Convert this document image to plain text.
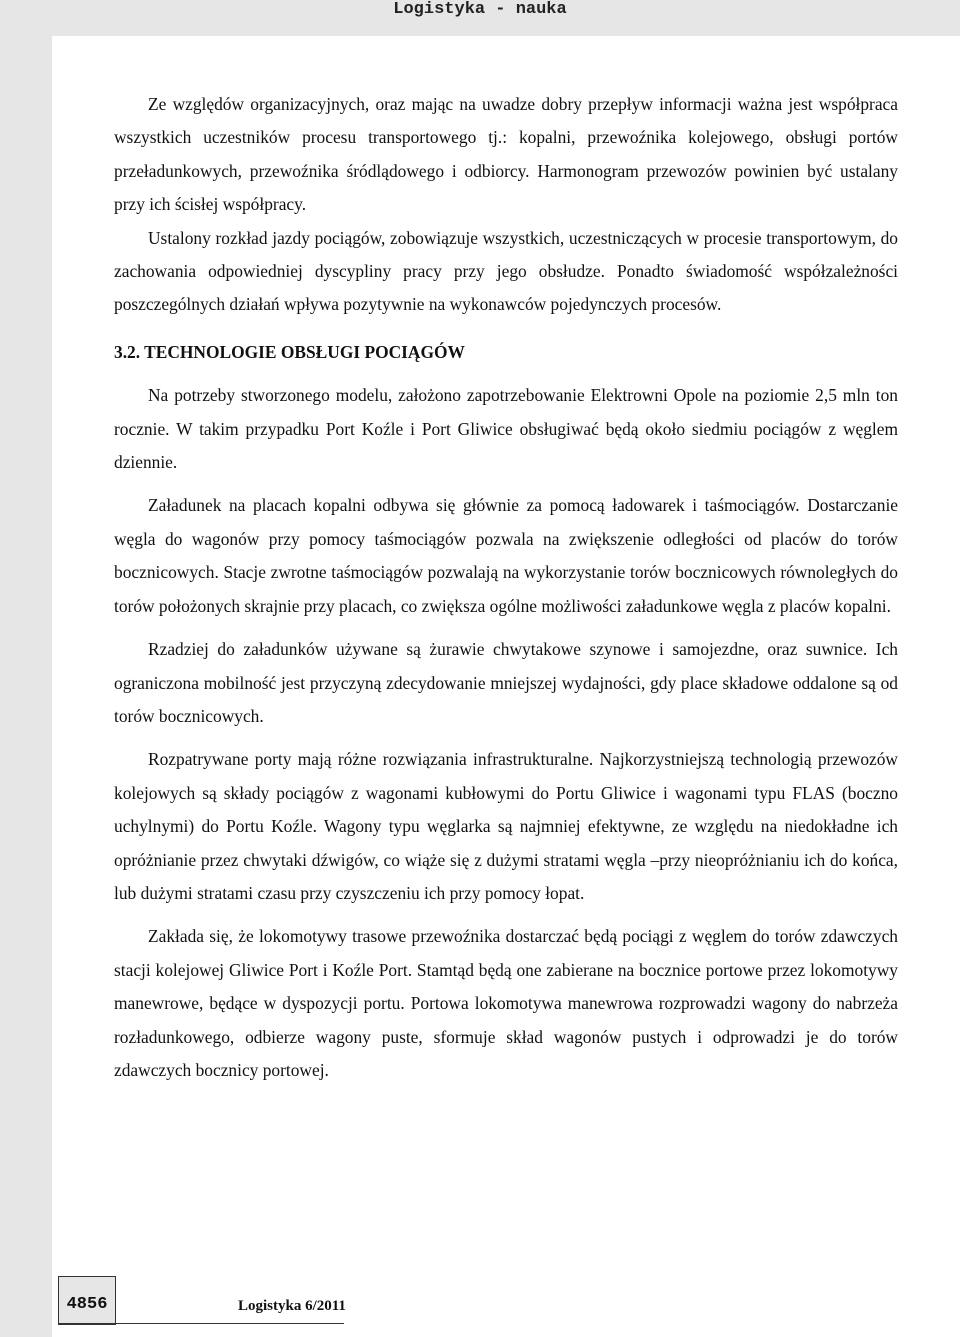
Logistyka - nauka

Ze względów organizacyjnych, oraz mając na uwadze dobry przepływ informacji ważna jest współpraca wszystkich uczestników procesu transportowego tj.: kopalni, przewoźnika kolejowego, obsługi portów przeładunkowych, przewoźnika śródlądowego i odbiorcy. Harmonogram przewozów powinien być ustalany przy ich ścisłej współpracy.

Ustalony rozkład jazdy pociągów, zobowiązuje wszystkich, uczestniczących w procesie transportowym, do zachowania odpowiedniej dyscypliny pracy przy jego obsłudze. Ponadto świadomość współzależności poszczególnych działań wpływa pozytywnie na wykonawców pojedynczych procesów.

3.2. TECHNOLOGIE OBSŁUGI POCIĄGÓW

Na potrzeby stworzonego modelu, założono zapotrzebowanie Elektrowni Opole na poziomie 2,5 mln ton rocznie. W takim przypadku Port Koźle i Port Gliwice obsługiwać będą około siedmiu pociągów z węglem dziennie.

Załadunek na placach kopalni odbywa się głównie za pomocą ładowarek i taśmociągów. Dostarczanie węgla do wagonów przy pomocy taśmociągów pozwala na zwiększenie odległości od placów do torów bocznicowych. Stacje zwrotne taśmociągów pozwalają na wykorzystanie torów bocznicowych równoległych do torów położonych skrajnie przy placach, co zwiększa ogólne możliwości załadunkowe węgla z placów kopalni.

Rzadziej do załadunków używane są żurawie chwytakowe szynowe i samojezdne, oraz suwnice. Ich ograniczona mobilność jest przyczyną zdecydowanie mniejszej wydajności, gdy place składowe oddalone są od torów bocznicowych.

Rozpatrywane porty mają różne rozwiązania infrastrukturalne. Najkorzystniejszą technologią przewozów kolejowych są składy pociągów z wagonami kubłowymi do Portu Gliwice i wagonami typu FLAS (boczno uchylnymi) do Portu Koźle. Wagony typu węglarka są najmniej efektywne, ze względu na niedokładne ich opróżnianie przez chwytaki dźwigów, co wiąże się z dużymi stratami węgla –przy nieopróżnianiu ich do końca, lub dużymi stratami czasu przy czyszczeniu ich przy pomocy łopat.

Zakłada się, że lokomotywy trasowe przewoźnika dostarczać będą pociągi z węglem do torów zdawczych stacji kolejowej Gliwice Port i Koźle Port. Stamtąd będą one zabierane na bocznice portowe przez lokomotywy manewrowe, będące w dyspozycji portu. Portowa lokomotywa manewrowa rozprowadzi wagony do nabrzeża rozładunkowego, odbierze wagony puste, sformuje skład wagonów pustych i odprowadzi je do torów zdawczych bocznicy portowej.

4856	Logistyka 6/2011
